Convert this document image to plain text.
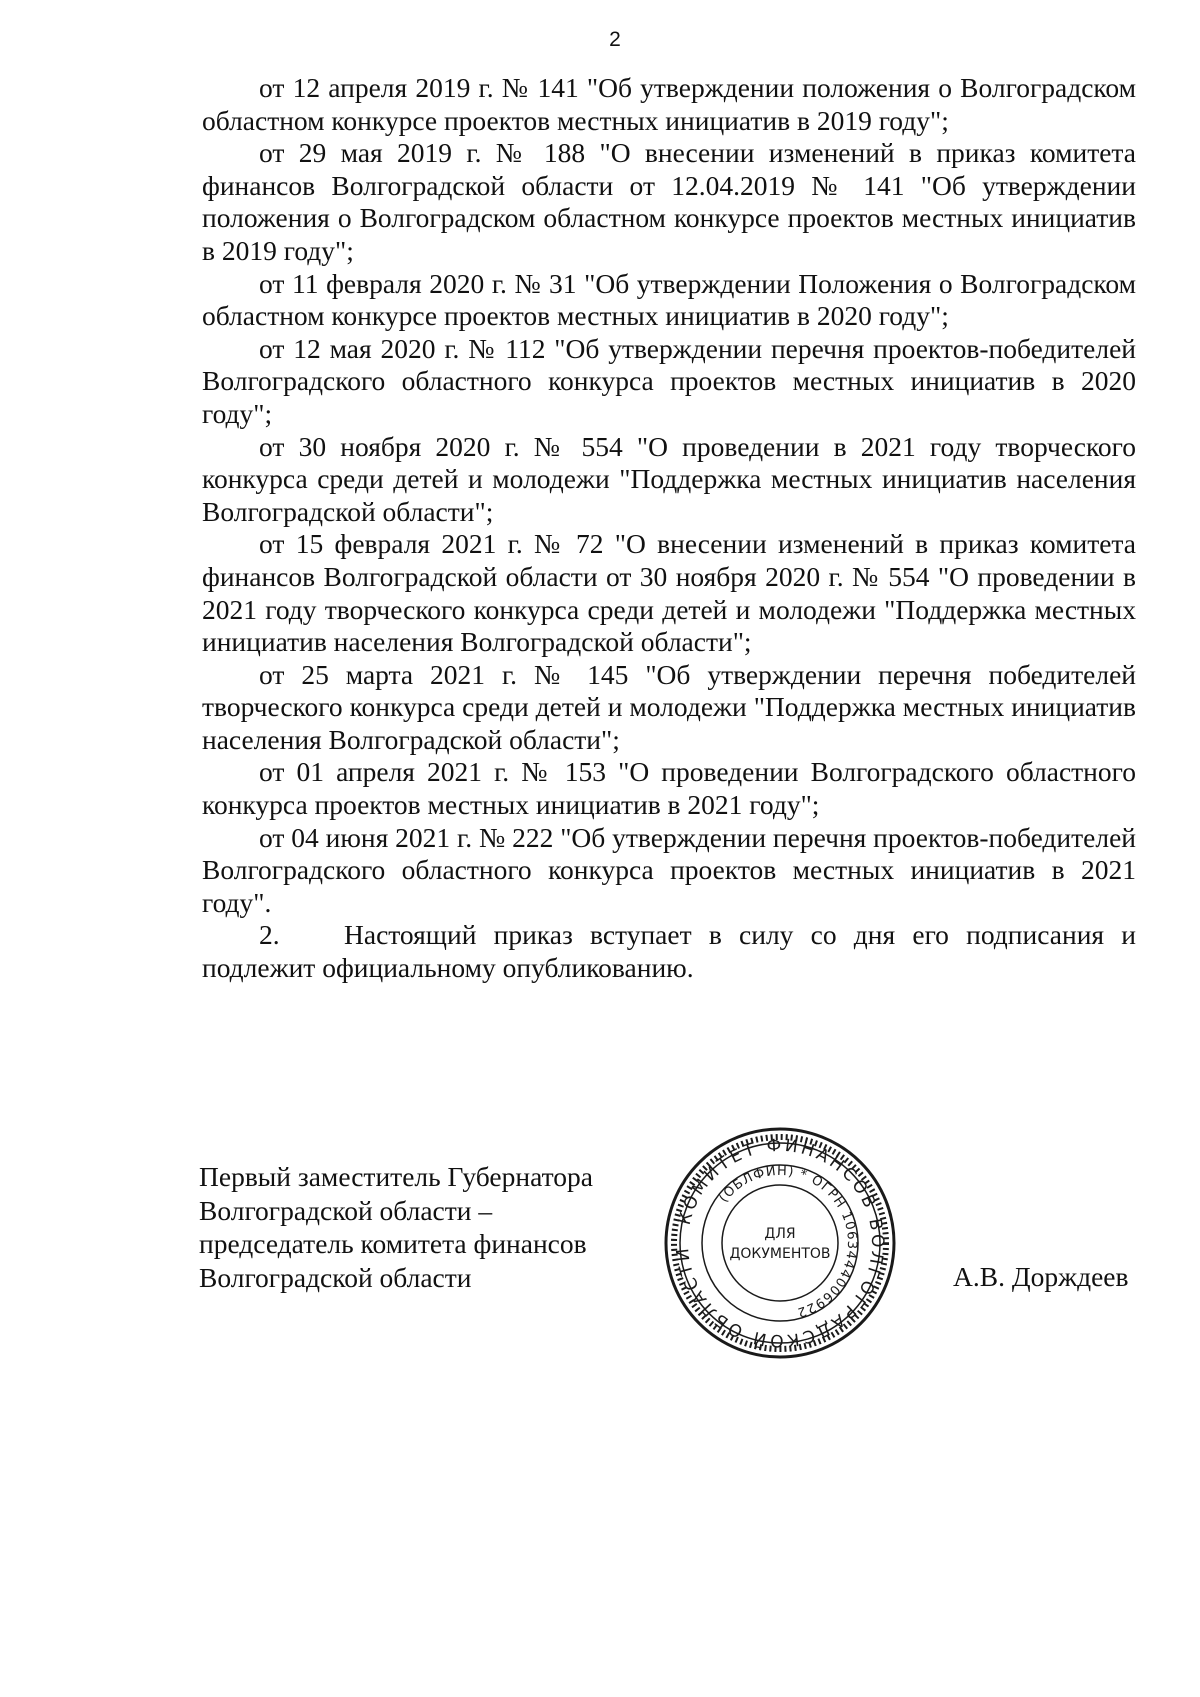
2

от 12 апреля 2019 г. № 141 "Об утверждении положения о Волгоградском областном конкурсе проектов местных инициатив в 2019 году";

от 29 мая 2019 г. № 188 "О внесении изменений в приказ комитета финансов Волгоградской области от 12.04.2019 № 141 "Об утверждении положения о Волгоградском областном конкурсе проектов местных инициатив в 2019 году";

от 11 февраля 2020 г. № 31 "Об утверждении Положения о Волгоградском областном конкурсе проектов местных инициатив в 2020 году";

от 12 мая 2020 г. № 112 "Об утверждении перечня проектов-победителей Волгоградского областного конкурса проектов местных инициатив в 2020 году";

от 30 ноября 2020 г. № 554 "О проведении в 2021 году творческого конкурса среди детей и молодежи "Поддержка местных инициатив населения Волгоградской области";

от 15 февраля 2021 г. № 72 "О внесении изменений в приказ комитета финансов Волгоградской области от 30 ноября 2020 г. № 554 "О проведении в 2021 году творческого конкурса среди детей и молодежи "Поддержка местных инициатив населения Волгоградской области";

от 25 марта 2021 г. № 145 "Об утверждении перечня победителей творческого конкурса среди детей и молодежи "Поддержка местных инициатив населения Волгоградской области";

от 01 апреля 2021 г. № 153 "О проведении Волгоградского областного конкурса проектов местных инициатив в 2021 году";

от 04 июня 2021 г. № 222 "Об утверждении перечня проектов-победителей Волгоградского областного конкурса проектов местных инициатив в 2021 году".

2. Настоящий приказ вступает в силу со дня его подписания и подлежит официальному опубликованию.

Первый заместитель Губернатора
Волгоградской области –
председатель комитета финансов
Волгоградской области
КОМИТЕТ ФИНАНСОВ ВОЛГОГРАДСКОЙ ОБЛАСТИ
(ОБЛФИН) * ОГРН 1063444006922
ДЛЯ
ДОКУМЕНТОВ
А.В. Дорждеев
